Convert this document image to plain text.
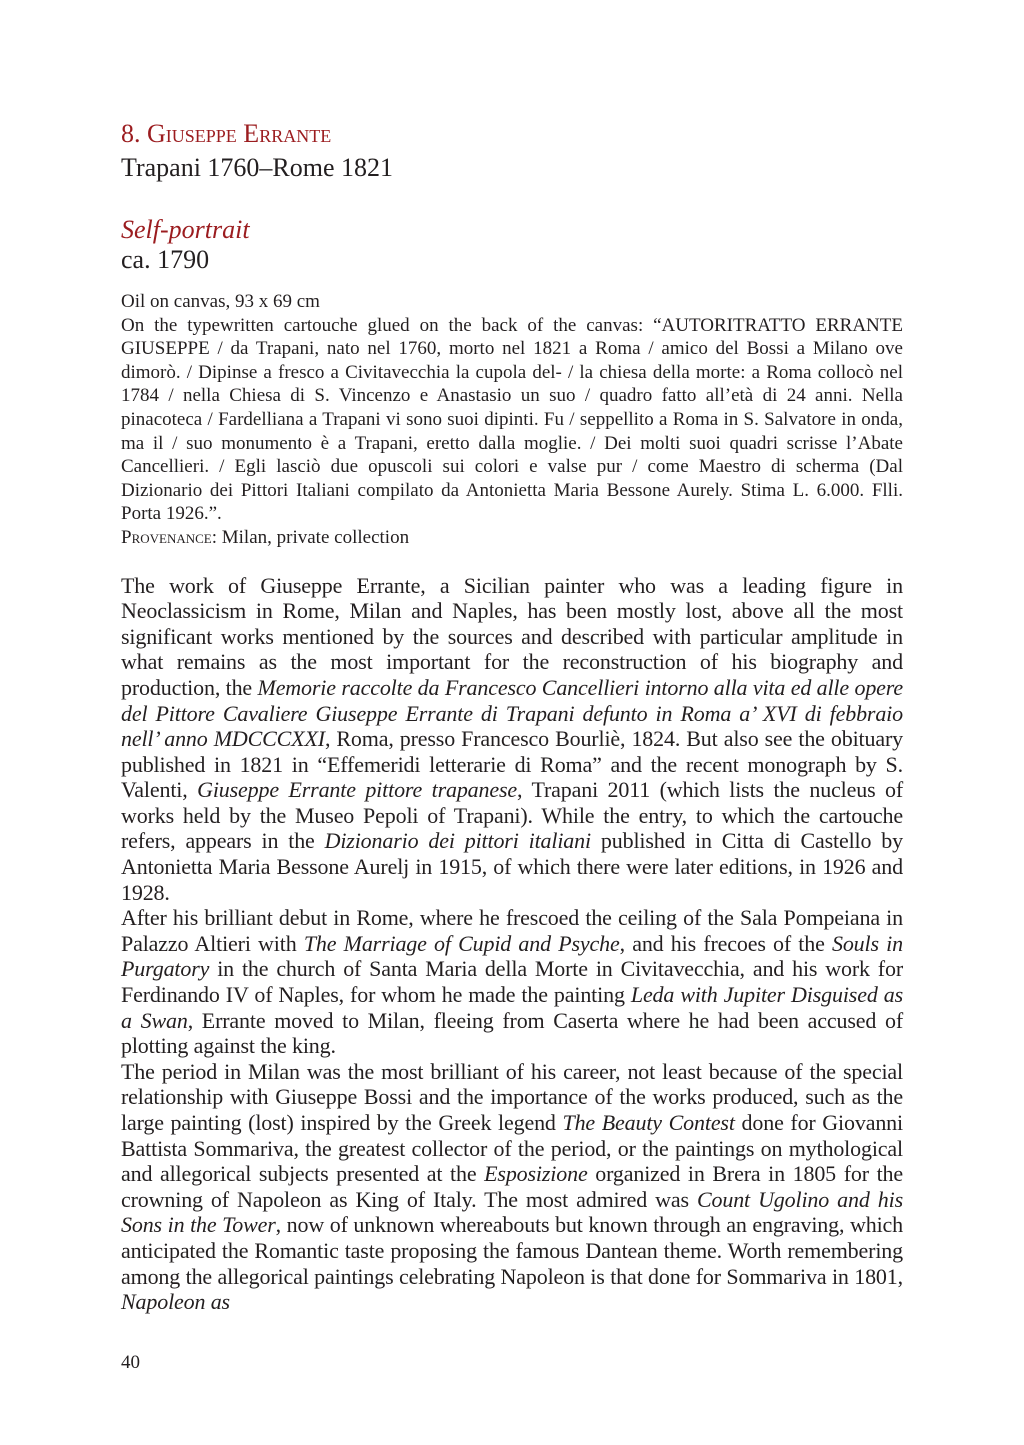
8. Giuseppe Errante
Trapani 1760–Rome 1821
Self-portrait
ca. 1790

Oil on canvas, 93 x 69 cm

On the typewritten cartouche glued on the back of the canvas: “AUTORITRATTO ERRANTE GIUSEPPE / da Trapani, nato nel 1760, morto nel 1821 a Roma / amico del Bossi a Milano ove dimorò. / Dipinse a fresco a Civitavecchia la cupola del- / la chiesa della morte: a Roma collocò nel 1784 / nella Chiesa di S. Vincenzo e Anastasio un suo / quadro fatto all’età di 24 anni. Nella pinacoteca / Fardelliana a Trapani vi sono suoi dipinti. Fu / seppellito a Roma in S. Salvatore in onda, ma il / suo monumento è a Trapani, eretto dalla moglie. / Dei molti suoi quadri scrisse l’Abate Cancellieri. / Egli lasciò due opuscoli sui colori e valse pur / come Maestro di scherma (Dal Dizionario dei Pittori Italiani compilato da Antonietta Maria Bessone Aurely. Stima L. 6.000. Flli. Porta 1926.”.

Provenance: Milan, private collection

The work of Giuseppe Errante, a Sicilian painter who was a leading figure in Neoclassicism in Rome, Milan and Naples, has been mostly lost, above all the most significant works mentioned by the sources and described with particular amplitude in what remains as the most important for the reconstruction of his biography and production, the Memorie raccolte da Francesco Cancellieri intorno alla vita ed alle opere del Pittore Cavaliere Giuseppe Errante di Trapani defunto in Roma a’ XVI di febbraio nell’ anno MDCCCXXI, Roma, presso Francesco Bourliè, 1824. But also see the obituary published in 1821 in “Effemeridi letterarie di Roma” and the recent monograph by S. Valenti, Giuseppe Errante pittore trapanese, Trapani 2011 (which lists the nucleus of works held by the Museo Pepoli of Trapani). While the entry, to which the cartouche refers, appears in the Dizionario dei pittori italiani published in Citta di Castello by Antonietta Maria Bessone Aurelj in 1915, of which there were later editions, in 1926 and 1928.

After his brilliant debut in Rome, where he frescoed the ceiling of the Sala Pompeiana in Palazzo Altieri with The Marriage of Cupid and Psyche, and his frecoes of the Souls in Purgatory in the church of Santa Maria della Morte in Civitavecchia, and his work for Ferdinando IV of Naples, for whom he made the painting Leda with Jupiter Disguised as a Swan, Errante moved to Milan, fleeing from Caserta where he had been accused of plotting against the king.

The period in Milan was the most brilliant of his career, not least because of the special relationship with Giuseppe Bossi and the importance of the works produced, such as the large painting (lost) inspired by the Greek legend The Beauty Contest done for Giovanni Battista Sommariva, the greatest collector of the period, or the paintings on mythological and allegorical subjects presented at the Esposizione organized in Brera in 1805 for the crowning of Napoleon as King of Italy. The most admired was Count Ugolino and his Sons in the Tower, now of unknown whereabouts but known through an engraving, which anticipated the Romantic taste proposing the famous Dantean theme. Worth remembering among the allegorical paintings celebrating Napoleon is that done for Sommariva in 1801, Napoleon as

40
